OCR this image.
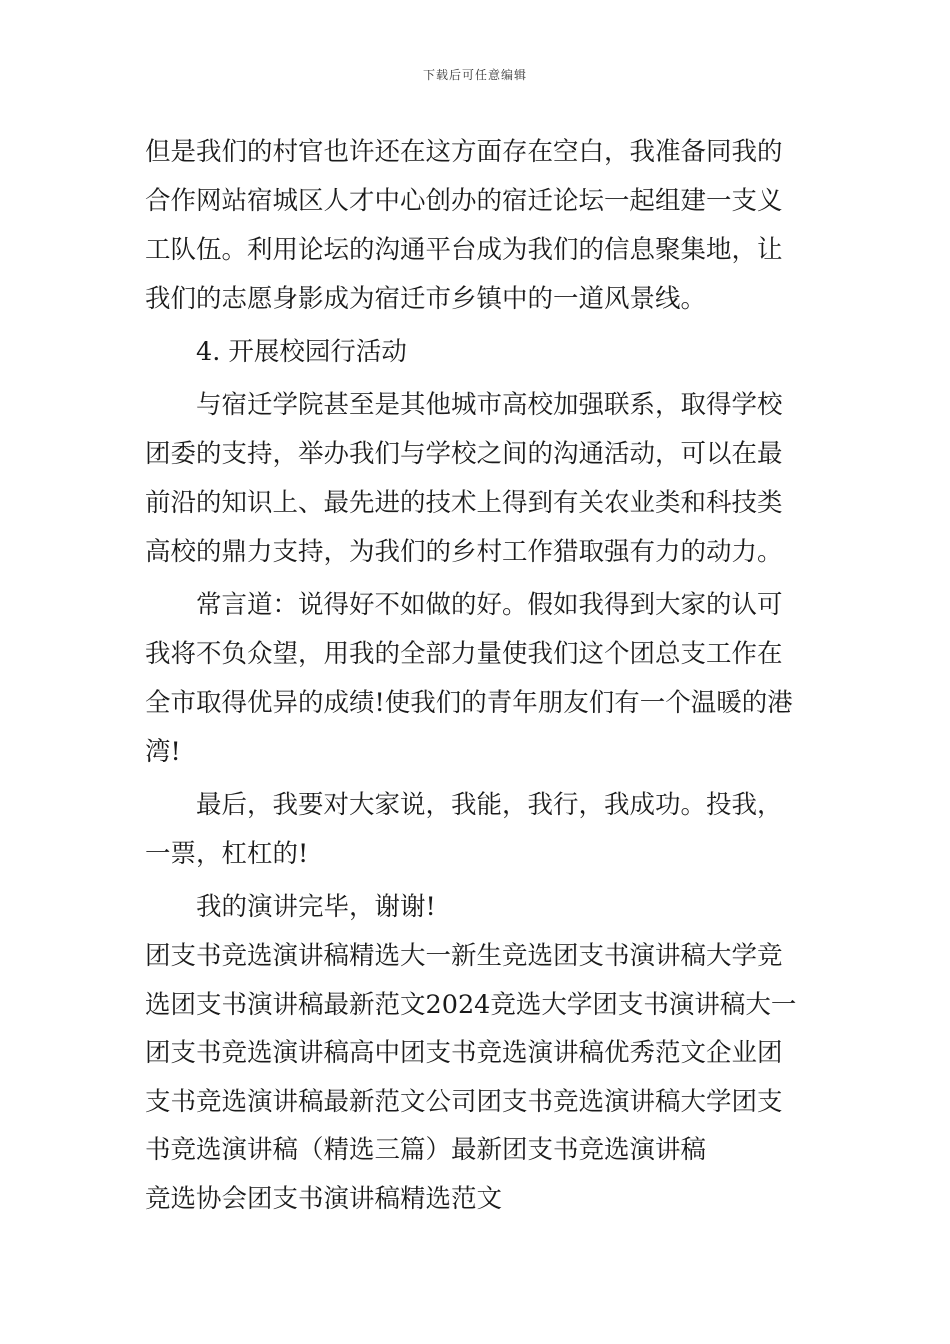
下载后可任意编辑
但是我们的村官也许还在这方面存在空白，我准备同我的
合作网站宿城区人才中心创办的宿迁论坛一起组建一支义
工队伍。利用论坛的沟通平台成为我们的信息聚集地，让
我们的志愿身影成为宿迁市乡镇中的一道风景线。
4. 开展校园行活动
与宿迁学院甚至是其他城市高校加强联系，取得学校
团委的支持，举办我们与学校之间的沟通活动，可以在最
前沿的知识上、最先进的技术上得到有关农业类和科技类
高校的鼎力支持，为我们的乡村工作猎取强有力的动力。
常言道：说得好不如做的好。假如我得到大家的认可
我将不负众望，用我的全部力量使我们这个团总支工作在
全市取得优异的成绩!使我们的青年朋友们有一个温暖的港
湾!
最后，我要对大家说，我能，我行，我成功。投我，
一票，杠杠的!
我的演讲完毕，谢谢!
团支书竞选演讲稿精选大一新生竞选团支书演讲稿大学竞
选团支书演讲稿最新范文2024竞选大学团支书演讲稿大一
团支书竞选演讲稿高中团支书竞选演讲稿优秀范文企业团
支书竞选演讲稿最新范文公司团支书竞选演讲稿大学团支
书竞选演讲稿（精选三篇）最新团支书竞选演讲稿
竞选协会团支书演讲稿精选范文
